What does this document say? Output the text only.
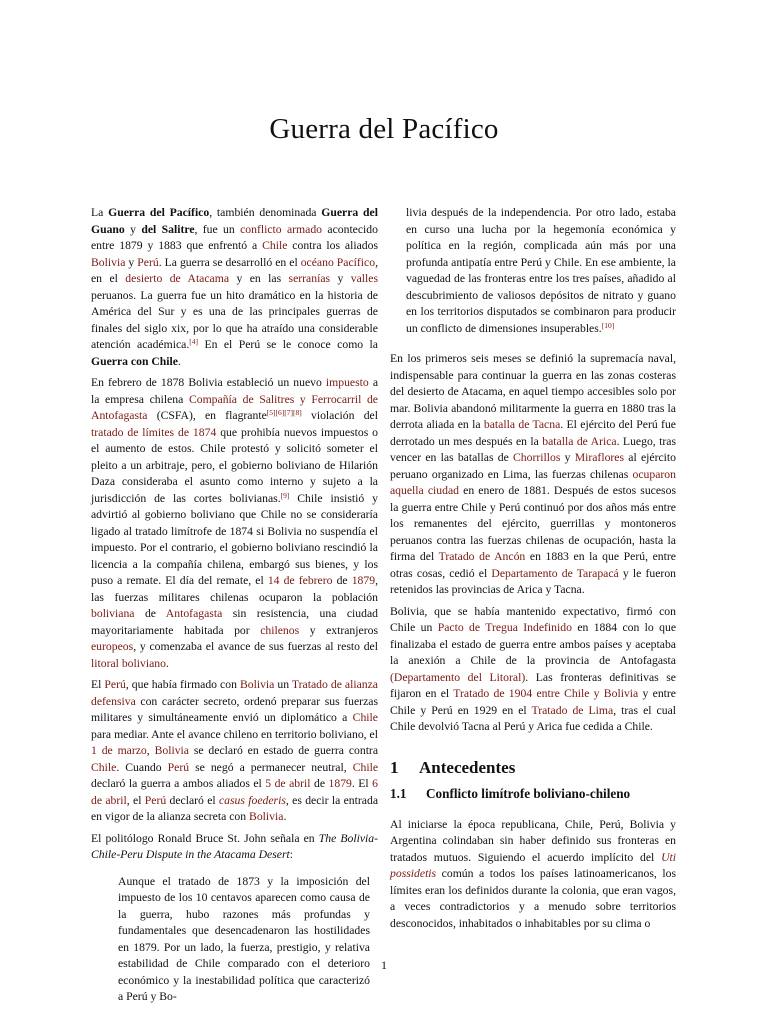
Guerra del Pacífico

La Guerra del Pacífico, también denominada Guerra del Guano y del Salitre, fue un conflicto armado acontecido entre 1879 y 1883 que enfrentó a Chile contra los aliados Bolivia y Perú. La guerra se desarrolló en el océano Pacífico, en el desierto de Atacama y en las serranías y valles peruanos. La guerra fue un hito dramático en la historia de América del Sur y es una de las principales guerras de finales del siglo xix, por lo que ha atraído una considerable atención académica.[4] En el Perú se le conoce como la Guerra con Chile.

En febrero de 1878 Bolivia estableció un nuevo impuesto a la empresa chilena Compañía de Salitres y Ferrocarril de Antofagasta (CSFA), en flagrante[5][6][7][8] violación del tratado de límites de 1874 que prohibía nuevos impuestos o el aumento de estos. Chile protestó y solicitó someter el pleito a un arbitraje, pero, el gobierno boliviano de Hilarión Daza consideraba el asunto como interno y sujeto a la jurisdicción de las cortes bolivianas.[9] Chile insistió y advirtió al gobierno boliviano que Chile no se consideraría ligado al tratado limítrofe de 1874 si Bolivia no suspendía el impuesto. Por el contrario, el gobierno boliviano rescindió la licencia a la compañía chilena, embargó sus bienes, y los puso a remate. El día del remate, el 14 de febrero de 1879, las fuerzas militares chilenas ocuparon la población boliviana de Antofagasta sin resistencia, una ciudad mayoritariamente habitada por chilenos y extranjeros europeos, y comenzaba el avance de sus fuerzas al resto del litoral boliviano.

El Perú, que había firmado con Bolivia un Tratado de alianza defensiva con carácter secreto, ordenó preparar sus fuerzas militares y simultáneamente envió un diplomático a Chile para mediar. Ante el avance chileno en territorio boliviano, el 1 de marzo, Bolivia se declaró en estado de guerra contra Chile. Cuando Perú se negó a permanecer neutral, Chile declaró la guerra a ambos aliados el 5 de abril de 1879. El 6 de abril, el Perú declaró el casus foederis, es decir la entrada en vigor de la alianza secreta con Bolivia.

El politólogo Ronald Bruce St. John señala en The Bolivia-Chile-Peru Dispute in the Atacama Desert:

Aunque el tratado de 1873 y la imposición del impuesto de los 10 centavos aparecen como causa de la guerra, hubo razones más profundas y fundamentales que desencadenaron las hostilidades en 1879. Por un lado, la fuerza, prestigio, y relativa estabilidad de Chile comparado con el deterioro económico y la inestabilidad política que caracterizó a Perú y Bo-

livia después de la independencia. Por otro lado, estaba en curso una lucha por la hegemonía económica y política en la región, complicada aún más por una profunda antipatía entre Perú y Chile. En ese ambiente, la vaguedad de las fronteras entre los tres países, añadido al descubrimiento de valiosos depósitos de nitrato y guano en los territorios disputados se combinaron para producir un conflicto de dimensiones insuperables.[10]

En los primeros seis meses se definió la supremacía naval, indispensable para continuar la guerra en las zonas costeras del desierto de Atacama, en aquel tiempo accesibles solo por mar. Bolivia abandonó militarmente la guerra en 1880 tras la derrota aliada en la batalla de Tacna. El ejército del Perú fue derrotado un mes después en la batalla de Arica. Luego, tras vencer en las batallas de Chorrillos y Miraflores al ejército peruano organizado en Lima, las fuerzas chilenas ocuparon aquella ciudad en enero de 1881. Después de estos sucesos la guerra entre Chile y Perú continuó por dos años más entre los remanentes del ejército, guerrillas y montoneros peruanos contra las fuerzas chilenas de ocupación, hasta la firma del Tratado de Ancón en 1883 en la que Perú, entre otras cosas, cedió el Departamento de Tarapacá y le fueron retenidos las provincias de Arica y Tacna.

Bolivia, que se había mantenido expectativo, firmó con Chile un Pacto de Tregua Indefinido en 1884 con lo que finalizaba el estado de guerra entre ambos países y aceptaba la anexión a Chile de la provincia de Antofagasta (Departamento del Litoral). Las fronteras definitivas se fijaron en el Tratado de 1904 entre Chile y Bolivia y entre Chile y Perú en 1929 en el Tratado de Lima, tras el cual Chile devolvió Tacna al Perú y Arica fue cedida a Chile.

1 Antecedentes
1.1 Conflicto limítrofe boliviano-chileno

Al iniciarse la época republicana, Chile, Perú, Bolivia y Argentina colindaban sin haber definido sus fronteras en tratados mutuos. Siguiendo el acuerdo implícito del Uti possidetis común a todos los países latinoamericanos, los límites eran los definidos durante la colonia, que eran vagos, a veces contradictorios y a menudo sobre territorios desconocidos, inhabitados o inhabitables por su clima o

1
